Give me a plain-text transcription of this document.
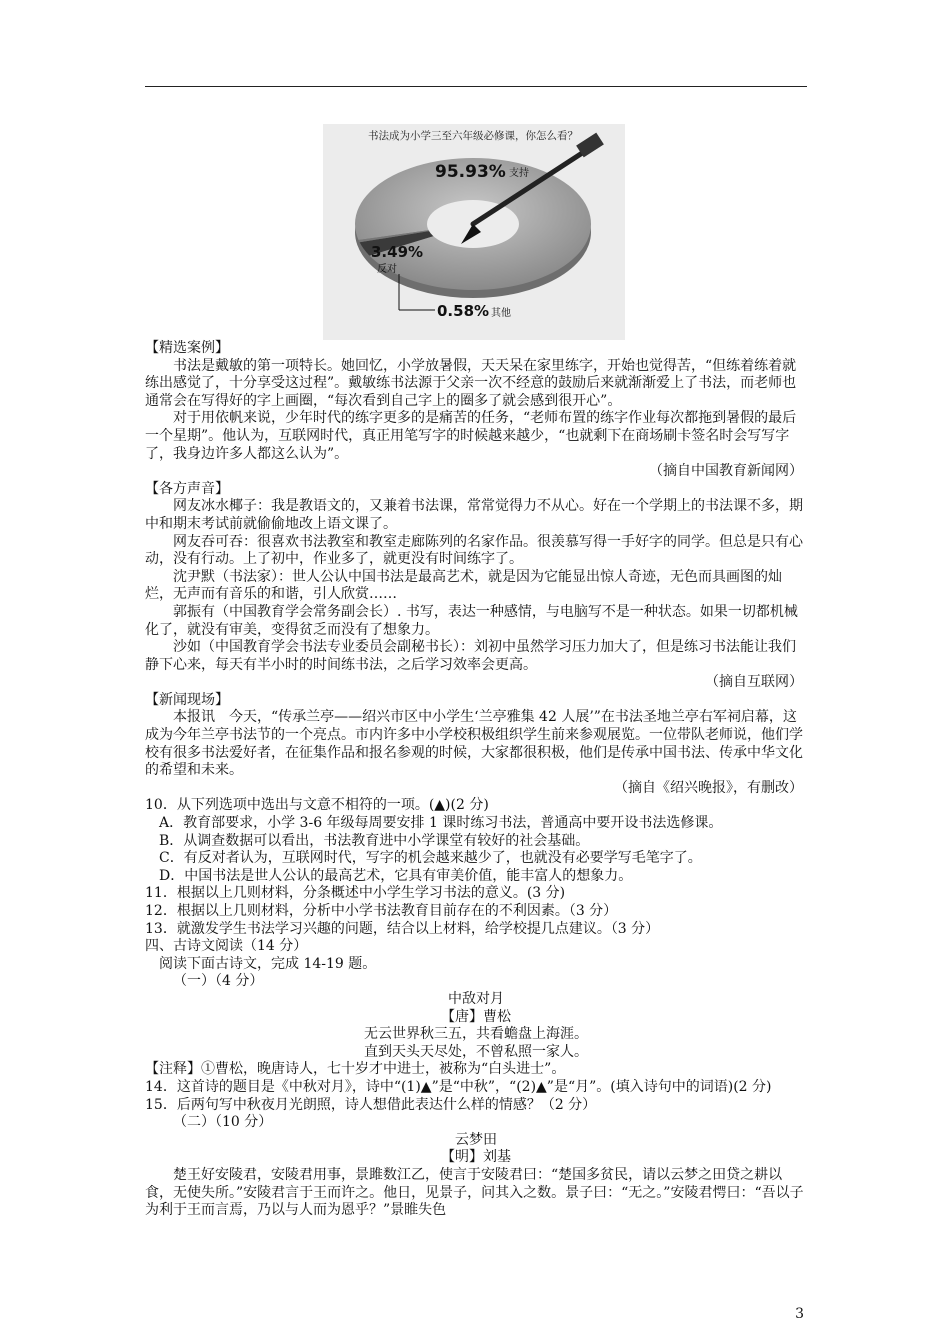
书法成为小学三至六年级必修课，你怎么看？
95.93% 支持
3.49%
反对
0.58% 其他

【精选案例】

书法是戴敏的第一项特长。她回忆，小学放暑假，天天呆在家里练字，开始也觉得苦，“但练着练着就练出感觉了，十分享受这过程”。戴敏练书法源于父亲一次不经意的鼓励后来就渐渐爱上了书法，而老师也通常会在写得好的字上画圈，“每次看到自己字上的圈多了就会感到很开心”。

对于用依帆来说，少年时代的练字更多的是痛苦的任务，“老师布置的练字作业每次都拖到暑假的最后一个星期”。他认为，互联网时代，真正用笔写字的时候越来越少，“也就剩下在商场刷卡签名时会写写字了，我身边许多人都这么认为”。

（摘自中国教育新闻网）

【各方声音】

网友冰水椰子：我是教语文的，又兼着书法课，常常觉得力不从心。好在一个学期上的书法课不多，期中和期末考试前就偷偷地改上语文课了。

网友吞可吞：很喜欢书法教室和教室走廊陈列的名家作品。很羡慕写得一手好字的同学。但总是只有心动，没有行动。上了初中，作业多了，就更没有时间练字了。

沈尹默（书法家）：世人公认中国书法是最高艺术，就是因为它能显出惊人奇迹，无色而具画图的灿烂，无声而有音乐的和谐，引人欣赏……

郭振有（中国教育学会常务副会长）. 书写，表达一种感情，与电脑写不是一种状态。如果一切都机械化了，就没有审美，变得贫乏而没有了想象力。

沙如（中国教育学会书法专业委员会副秘书长）：刘初中虽然学习压力加大了，但是练习书法能让我们静下心来，每天有半小时的时间练书法，之后学习效率会更高。

（摘自互联网）

【新闻现场】

本报讯　今天，“传承兰亭——绍兴市区中小学生‘兰亭雅集 42 人展’”在书法圣地兰亭右军祠启幕，这成为今年兰亭书法节的一个亮点。市内许多中小学校积极组织学生前来参观展览。一位带队老师说，他们学校有很多书法爱好者，在征集作品和报名参观的时候，大家都很积极，他们是传承中国书法、传承中华文化的希望和未来。

（摘自《绍兴晚报》，有删改）

10．从下列选项中选出与文意不相符的一项。(▲)(2 分)

A．教育部要求，小学 3-6 年级每周要安排 1 课时练习书法，普通高中要开设书法选修课。

B．从调查数据可以看出，书法教育进中小学课堂有较好的社会基础。

C．有反对者认为，互联网时代，写字的机会越来越少了，也就没有必要学写毛笔字了。

D．中国书法是世人公认的最高艺术，它具有审美价值，能丰富人的想象力。

11．根据以上几则材料，分条概述中小学生学习书法的意义。(3 分)

12．根据以上几则材料，分析中小学书法教育目前存在的不利因素。（3 分）

13．就激发学生书法学习兴趣的问题，结合以上材料，给学校提几点建议。（3 分）

四、古诗文阅读（14 分）

阅读下面古诗文，完成 14-19 题。

（一）（4 分）

中敌对月

【唐】曹松

无云世界秋三五，共看蟾盘上海涯。

直到天头天尽处，不曾私照一家人。

【注释】①曹松，晚唐诗人，七十岁才中进士，被称为“白头进士”。

14．这首诗的题目是《中秋对月》，诗中“(1)▲”是“中秋”，“(2)▲”是“月”。(填入诗句中的词语)(2 分)

15．后两句写中秋夜月光朗照，诗人想借此表达什么样的情感？（2 分）

（二）（10 分）

云梦田

【明】刘基

楚王好安陵君，安陵君用事，景雎数江乙，使言于安陵君曰：“楚国多贫民，请以云梦之田贷之耕以食，无使失所。”安陵君言于王而许之。他日，见景子，问其入之数。景子曰：“无之。”安陵君愕曰：“吾以子为利于王而言焉，乃以与人而为恩乎？”景睢失色

3
